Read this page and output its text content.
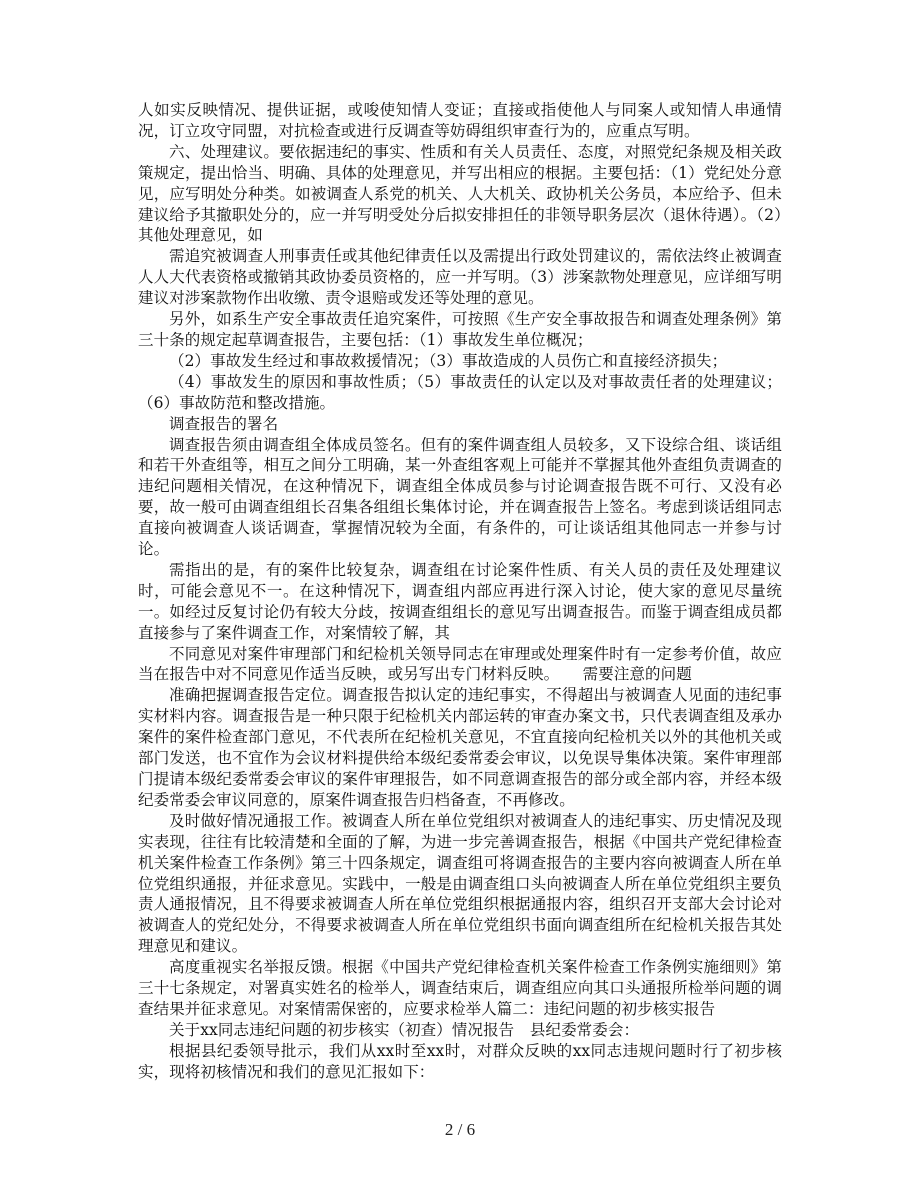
人如实反映情况、提供证据，或唆使知情人变证；直接或指使他人与同案人或知情人串通情况，订立攻守同盟，对抗检查或进行反调查等妨碍组织审查行为的，应重点写明。

六、处理建议。要依据违纪的事实、性质和有关人员责任、态度，对照党纪条规及相关政策规定，提出恰当、明确、具体的处理意见，并写出相应的根据。主要包括：（1）党纪处分意见，应写明处分种类。如被调查人系党的机关、人大机关、政协机关公务员，本应给予、但未建议给予其撤职处分的，应一并写明受处分后拟安排担任的非领导职务层次（退休待遇）。（2）其他处理意见，如

需追究被调查人刑事责任或其他纪律责任以及需提出行政处罚建议的，需依法终止被调查人人大代表资格或撤销其政协委员资格的，应一并写明。（3）涉案款物处理意见，应详细写明建议对涉案款物作出收缴、责令退赔或发还等处理的意见。

另外，如系生产安全事故责任追究案件，可按照《生产安全事故报告和调查处理条例》第三十条的规定起草调查报告，主要包括：（1）事故发生单位概况；

（2）事故发生经过和事故救援情况；（3）事故造成的人员伤亡和直接经济损失；

（4）事故发生的原因和事故性质；（5）事故责任的认定以及对事故责任者的处理建议；（6）事故防范和整改措施。

调查报告的署名

调查报告须由调查组全体成员签名。但有的案件调查组人员较多，又下设综合组、谈话组和若干外查组等，相互之间分工明确，某一外查组客观上可能并不掌握其他外查组负责调查的违纪问题相关情况，在这种情况下，调查组全体成员参与讨论调查报告既不可行、又没有必要，故一般可由调查组组长召集各组组长集体讨论，并在调查报告上签名。考虑到谈话组同志直接向被调查人谈话调查，掌握情况较为全面，有条件的，可让谈话组其他同志一并参与讨论。

需指出的是，有的案件比较复杂，调查组在讨论案件性质、有关人员的责任及处理建议时，可能会意见不一。在这种情况下，调查组内部应再进行深入讨论，使大家的意见尽量统一。如经过反复讨论仍有较大分歧，按调查组组长的意见写出调查报告。而鉴于调查组成员都直接参与了案件调查工作，对案情较了解，其

不同意见对案件审理部门和纪检机关领导同志在审理或处理案件时有一定参考价值，故应当在报告中对不同意见作适当反映，或另写出专门材料反映。　　需要注意的问题

准确把握调查报告定位。调查报告拟认定的违纪事实，不得超出与被调查人见面的违纪事实材料内容。调查报告是一种只限于纪检机关内部运转的审查办案文书，只代表调查组及承办案件的案件检查部门意见，不代表所在纪检机关意见，不宜直接向纪检机关以外的其他机关或部门发送，也不宜作为会议材料提供给本级纪委常委会审议，以免误导集体决策。案件审理部门提请本级纪委常委会审议的案件审理报告，如不同意调查报告的部分或全部内容，并经本级纪委常委会审议同意的，原案件调查报告归档备查，不再修改。

及时做好情况通报工作。被调查人所在单位党组织对被调查人的违纪事实、历史情况及现实表现，往往有比较清楚和全面的了解，为进一步完善调查报告，根据《中国共产党纪律检查机关案件检查工作条例》第三十四条规定，调查组可将调查报告的主要内容向被调查人所在单位党组织通报，并征求意见。实践中，一般是由调查组口头向被调查人所在单位党组织主要负责人通报情况，且不得要求被调查人所在单位党组织根据通报内容，组织召开支部大会讨论对被调查人的党纪处分，不得要求被调查人所在单位党组织书面向调查组所在纪检机关报告其处理意见和建议。

高度重视实名举报反馈。根据《中国共产党纪律检查机关案件检查工作条例实施细则》第三十七条规定，对署真实姓名的检举人，调查结束后，调查组应向其口头通报所检举问题的调查结果并征求意见。对案情需保密的，应要求检举人篇二：违纪问题的初步核实报告

关于xx同志违纪问题的初步核实（初查）情况报告　县纪委常委会：

根据县纪委领导批示，我们从xx时至xx时，对群众反映的xx同志违规问题时行了初步核实，现将初核情况和我们的意见汇报如下：

2 / 6
